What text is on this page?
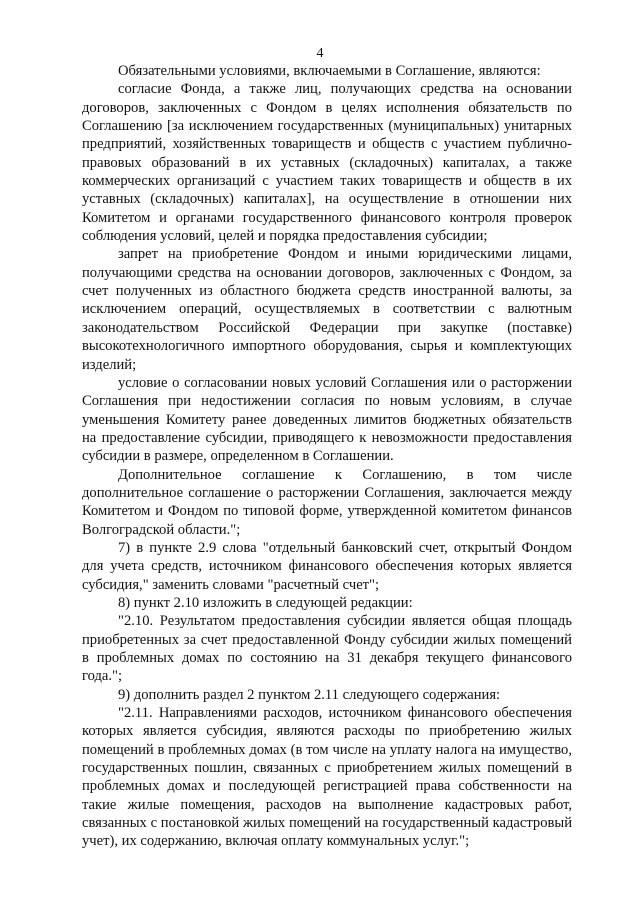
4

Обязательными условиями, включаемыми в Соглашение, являются:

согласие Фонда, а также лиц, получающих средства на основании договоров, заключенных с Фондом в целях исполнения обязательств по Соглашению [за исключением государственных (муниципальных) унитарных предприятий, хозяйственных товариществ и обществ с участием публично-правовых образований в их уставных (складочных) капиталах, а также коммерческих организаций с участием таких товариществ и обществ в их уставных (складочных) капиталах], на осуществление в отношении них Комитетом и органами государственного финансового контроля проверок соблюдения условий, целей и порядка предоставления субсидии;

запрет на приобретение Фондом и иными юридическими лицами, получающими средства на основании договоров, заключенных с Фондом, за счет полученных из областного бюджета средств иностранной валюты, за исключением операций, осуществляемых в соответствии с валютным законодательством Российской Федерации при закупке (поставке) высокотехнологичного импортного оборудования, сырья и комплектующих изделий;

условие о согласовании новых условий Соглашения или о расторжении Соглашения при недостижении согласия по новым условиям, в случае уменьшения Комитету ранее доведенных лимитов бюджетных обязательств на предоставление субсидии, приводящего к невозможности предоставления субсидии в размере, определенном в Соглашении.

Дополнительное соглашение к Соглашению, в том числе дополнительное соглашение о расторжении Соглашения, заключается между Комитетом и Фондом по типовой форме, утвержденной комитетом финансов Волгоградской области.";

7) в пункте 2.9 слова "отдельный банковский счет, открытый Фондом для учета средств, источником финансового обеспечения которых является субсидия," заменить словами "расчетный счет";

8) пункт 2.10 изложить в следующей редакции:

"2.10. Результатом предоставления субсидии является общая площадь приобретенных за счет предоставленной Фонду субсидии жилых помещений в проблемных домах по состоянию на 31 декабря текущего финансового года.";

9) дополнить раздел 2 пунктом 2.11 следующего содержания:

"2.11. Направлениями расходов, источником финансового обеспечения которых является субсидия, являются расходы по приобретению жилых помещений в проблемных домах (в том числе на уплату налога на имущество, государственных пошлин, связанных с приобретением жилых помещений в проблемных домах и последующей регистрацией права собственности на такие жилые помещения, расходов на выполнение кадастровых работ, связанных с постановкой жилых помещений на государственный кадастровый учет), их содержанию, включая оплату коммунальных услуг.";
